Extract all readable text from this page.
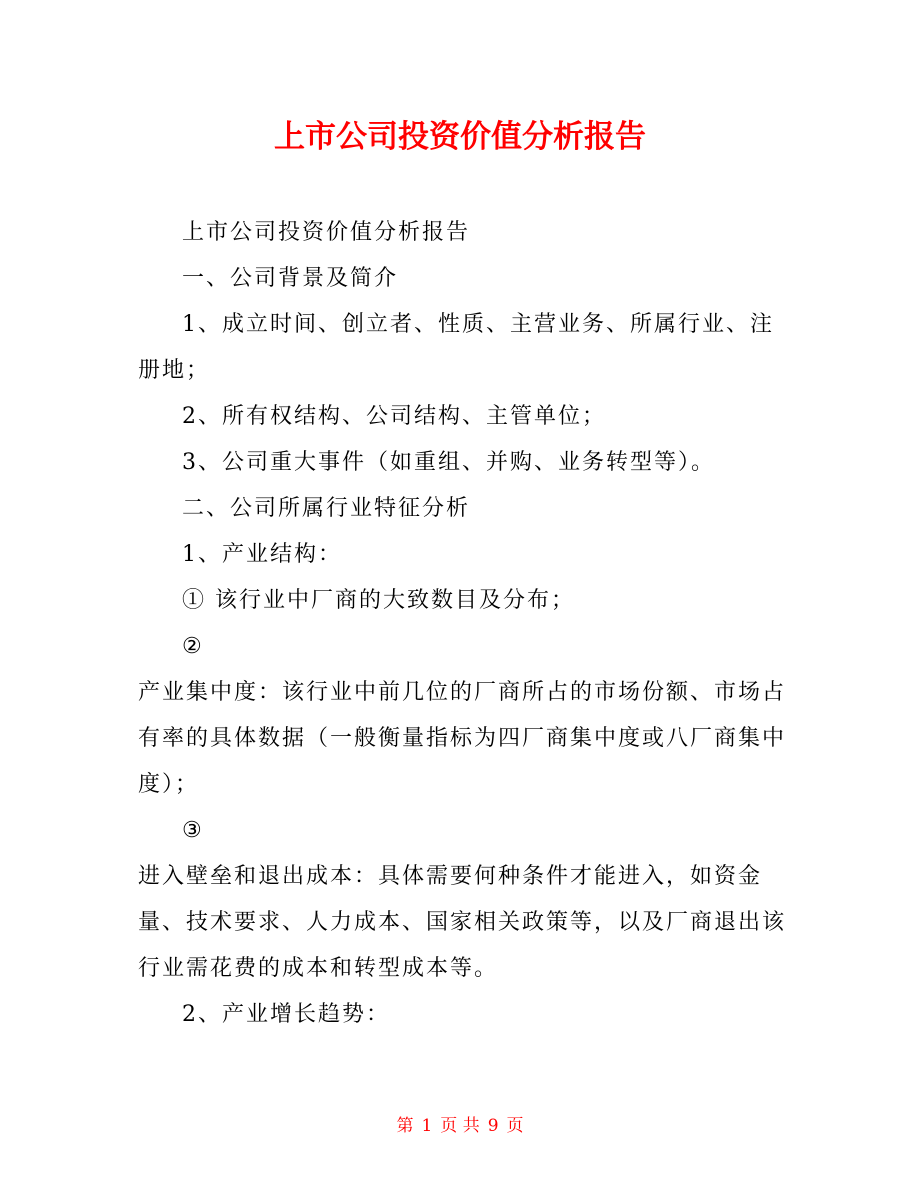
上市公司投资价值分析报告

上市公司投资价值分析报告

一、公司背景及简介

1、成立时间、创立者、性质、主营业务、所属行业、注册地；

2、所有权结构、公司结构、主管单位；

3、公司重大事件（如重组、并购、业务转型等）。

二、公司所属行业特征分析

1、产业结构：

① 该行业中厂商的大致数目及分布；

②

产业集中度：该行业中前几位的厂商所占的市场份额、市场占有率的具体数据（一般衡量指标为四厂商集中度或八厂商集中度）；

③

进入壁垒和退出成本：具体需要何种条件才能进入，如资金量、技术要求、人力成本、国家相关政策等，以及厂商退出该行业需花费的成本和转型成本等。

2、产业增长趋势：

第 1 页 共 9 页
